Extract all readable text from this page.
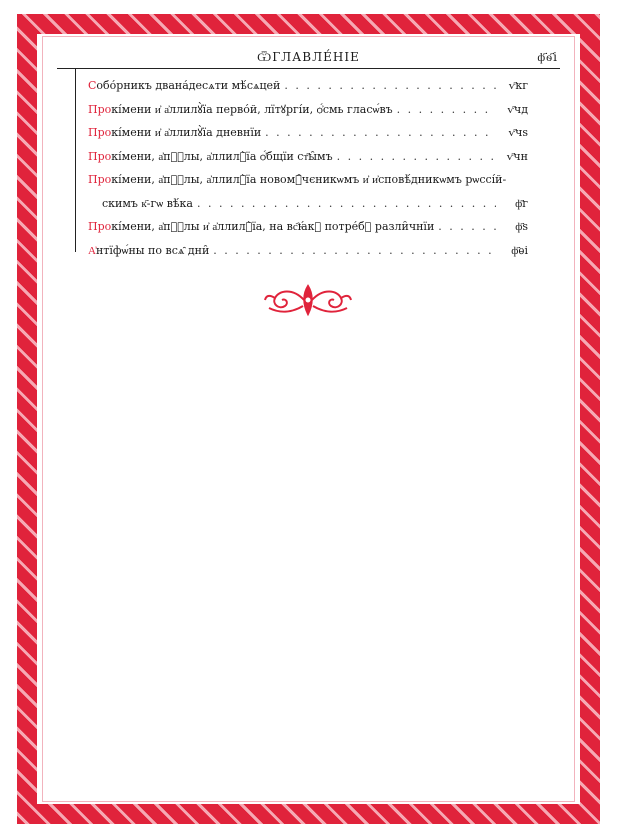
ѾГЛАВЛЕ́НІЕ	ф҃ѳ҃і
Собо́рникъ двана́десѧти мѣ́сѧцей . . .	ѵ҃кг
Прокі́мени и҆ а҆ллилꙋ̀їа перво́й, лїтꙋргі́и, ѻ҆́смь гласѡ́въ . . .	ѵ҃чд
Прокі́мени и҆ а҆ллилꙋ̀їа дневнїи . . .	ѵ҃чѕ
Прокі́мени, а҆пⷭ҇лы, а҆ллилꙋ̀їа ѻ҆́бщїи ст҃ы̑мъ . . .	ѵ҃чн
Прокі́мени, а҆пⷭ҇лы, а҆ллилꙋ̀їа новомꙋ̑чєникѡмъ и҆ и҆сповѣ́дникѡмъ рѡссі́й-
скимъ к҃-гѡ вѣ́ка . . .	ф҃г
Прокі́мени, а҆пⷭ҇лы и҆ а҆ллилꙋ̀їа, на вс҄ꙗ́кꙋ потре́бꙋ разли̑чнїи . . .	ф҃ѕ
А҆нтїфѡ́ны по всѧ̑ дни̑ . . .	ф҃ѳі
